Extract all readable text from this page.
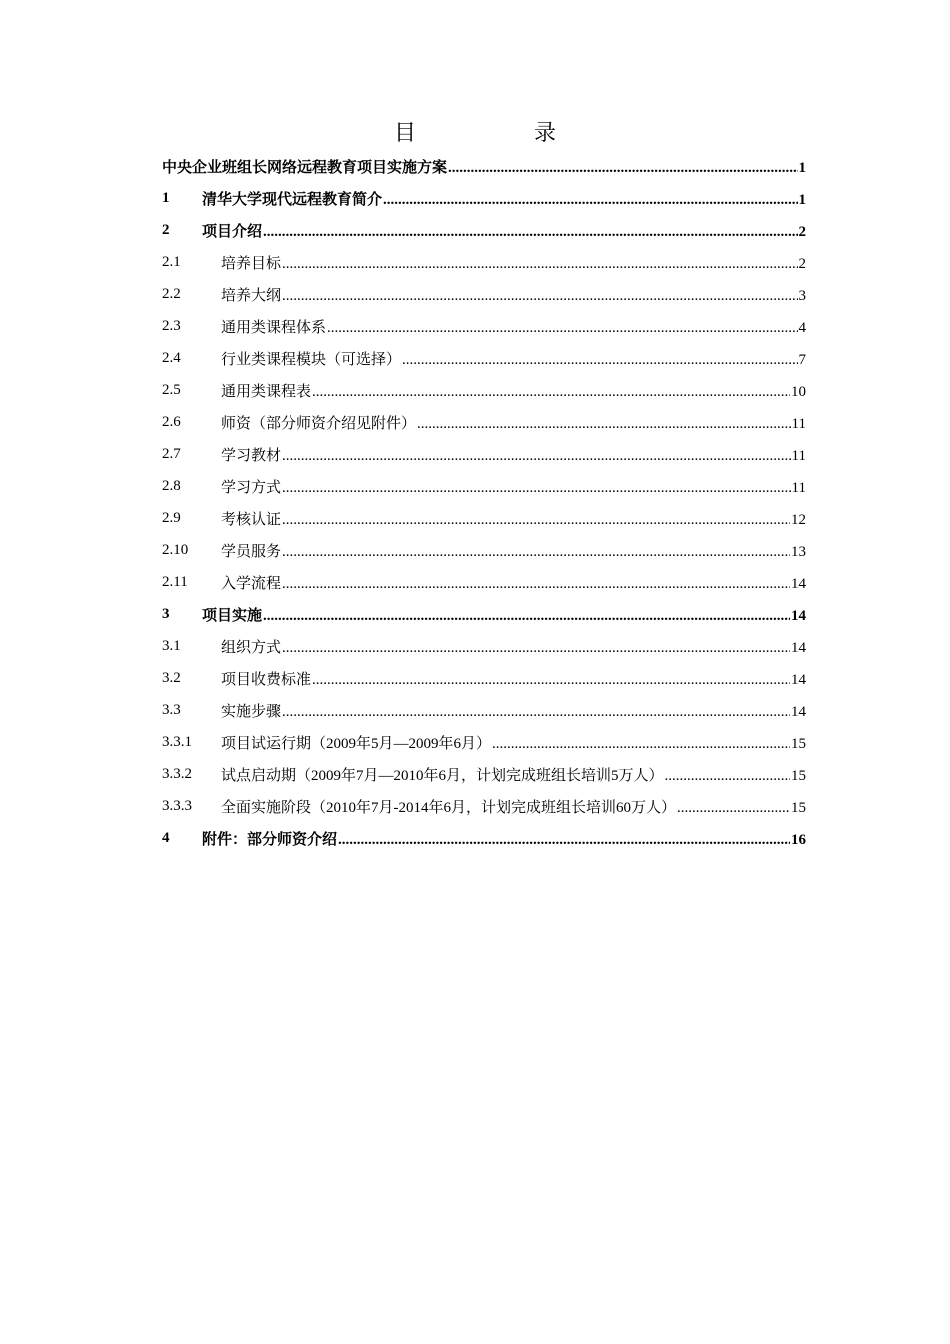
目	录
中央企业班组长网络远程教育项目实施方案 .....	1
1 清华大学现代远程教育简介 .....	1
2 项目介绍 .....	2
2.1	培养目标 .....	2
2.2	培养大纲 .....	3
2.3	通用类课程体系 .....	4
2.4	行业类课程模块（可选择） .....	7
2.5	通用类课程表 .....	10
2.6	师资（部分师资介绍见附件） .....	11
2.7	学习教材 .....	11
2.8	学习方式 .....	11
2.9	考核认证 .....	12
2.10 学员服务 .....	13
2.11 入学流程 .....	14
3 项目实施 .....	14
3.1	组织方式 .....	14
3.2	项目收费标准 .....	14
3.3	实施步骤 .....	14
3.3.1 项目试运行期（2009年5月—2009年6月） .....	15
3.3.2 试点启动期（2009年7月—2010年6月，计划完成班组长培训5万人） .....	15
3.3.3 全面实施阶段（2010年7月-2014年6月，计划完成班组长培训60万人） .....	15
4 附件：部分师资介绍 .....	16
